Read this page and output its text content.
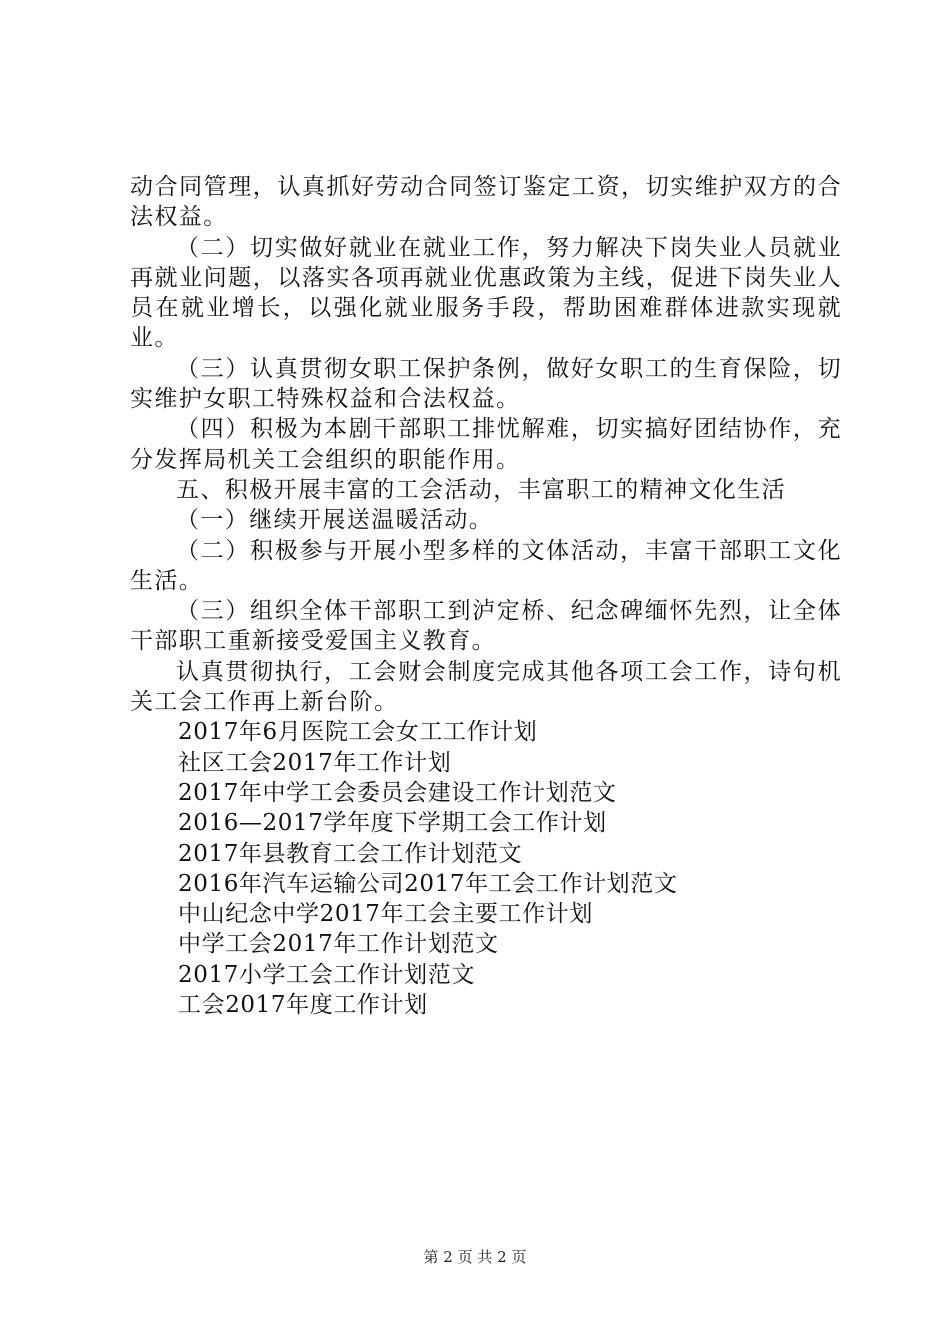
动合同管理，认真抓好劳动合同签订鉴定工资，切实维护双方的合法权益。

（二）切实做好就业在就业工作，努力解决下岗失业人员就业再就业问题，以落实各项再就业优惠政策为主线，促进下岗失业人员在就业增长，以强化就业服务手段，帮助困难群体进款实现就业。

（三）认真贯彻女职工保护条例，做好女职工的生育保险，切实维护女职工特殊权益和合法权益。

（四）积极为本剧干部职工排忧解难，切实搞好团结协作，充分发挥局机关工会组织的职能作用。

五、积极开展丰富的工会活动，丰富职工的精神文化生活

（一）继续开展送温暖活动。

（二）积极参与开展小型多样的文体活动，丰富干部职工文化生活。

（三）组织全体干部职工到泸定桥、纪念碑缅怀先烈，让全体干部职工重新接受爱国主义教育。

认真贯彻执行，工会财会制度完成其他各项工会工作，诗句机关工会工作再上新台阶。

2017年6月医院工会女工工作计划

社区工会2017年工作计划

2017年中学工会委员会建设工作计划范文

2016—2017学年度下学期工会工作计划

2017年县教育工会工作计划范文

2016年汽车运输公司2017年工会工作计划范文

中山纪念中学2017年工会主要工作计划

中学工会2017年工作计划范文

2017小学工会工作计划范文

工会2017年度工作计划

第 2 页 共 2 页
